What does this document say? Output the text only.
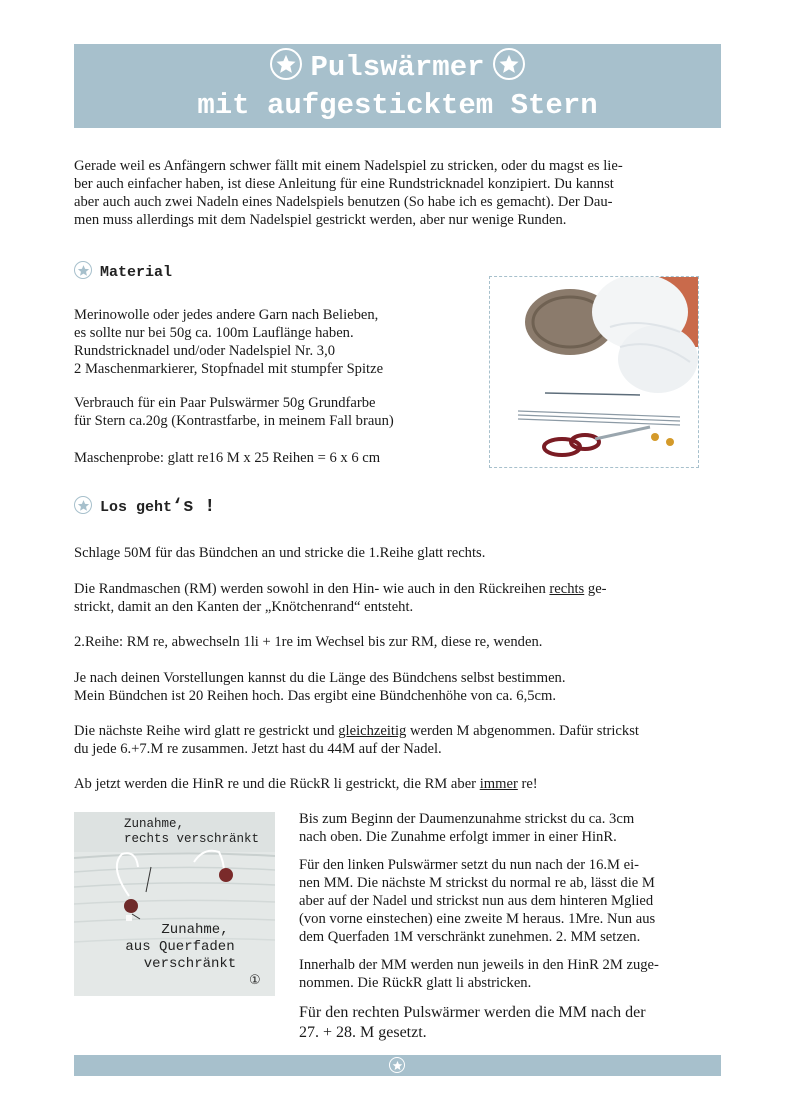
Pulswärmer
mit aufgesticktem Stern
Gerade weil es Anfängern schwer fällt mit einem Nadelspiel zu stricken, oder du magst es lie-
ber auch einfacher haben, ist diese Anleitung für eine Rundstricknadel konzipiert. Du kannst
aber auch auch zwei Nadeln eines Nadelspiels benutzen (So habe ich es gemacht). Der Dau-
men muss allerdings mit dem Nadelspiel gestrickt werden, aber nur wenige Runden.
Material
Merinowolle oder jedes andere Garn nach Belieben,
es sollte nur bei 50g ca. 100m Lauflänge haben.
Rundstricknadel und/oder Nadelspiel Nr. 3,0
2 Maschenmarkierer, Stopfnadel mit stumpfer Spitze
Verbrauch für ein Paar Pulswärmer 50g Grundfarbe
für Stern ca.20g (Kontrastfarbe, in meinem Fall braun)
Maschenprobe: glatt re16 M x 25 Reihen = 6 x 6 cm
Los geht‘s !
Schlage 50M für das Bündchen an und stricke die 1.Reihe glatt rechts.
Die Randmaschen (RM) werden sowohl in den Hin- wie auch in den Rückreihen rechts ge-
strickt, damit an den Kanten der „Knötchenrand“ entsteht.
2.Reihe: RM re, abwechseln 1li + 1re im Wechsel bis zur RM, diese re, wenden.
Je nach deinen Vorstellungen kannst du die Länge des Bündchens selbst bestimmen.
Mein Bündchen ist 20 Reihen hoch. Das ergibt eine Bündchenhöhe von ca. 6,5cm.
Die nächste Reihe wird glatt re gestrickt und gleichzeitig werden M abgenommen. Dafür strickst
du jede 6.+7.M re zusammen. Jetzt hast du 44M auf der Nadel.
Ab jetzt werden die HinR re und die RückR li gestrickt, die RM aber immer re!
Zunahme,
rechts verschränkt
Zunahme,
aus Querfaden
verschränkt
①
Bis zum Beginn der Daumenzunahme strickst du ca. 3cm
nach oben. Die Zunahme erfolgt immer in einer HinR.
Für den linken Pulswärmer setzt du nun nach der 16.M ei-
nen MM. Die nächste M strickst du normal re ab, lässt die M
aber auf der Nadel und strickst nun aus dem hinteren Mglied
(von vorne einstechen) eine zweite M heraus. 1Mre. Nun aus
dem Querfaden 1M verschränkt zunehmen. 2. MM setzen.
Innerhalb der MM werden nun jeweils in den HinR 2M zuge-
nommen. Die RückR glatt li abstricken.
Für den rechten Pulswärmer werden die MM nach der
27. + 28. M gesetzt.
